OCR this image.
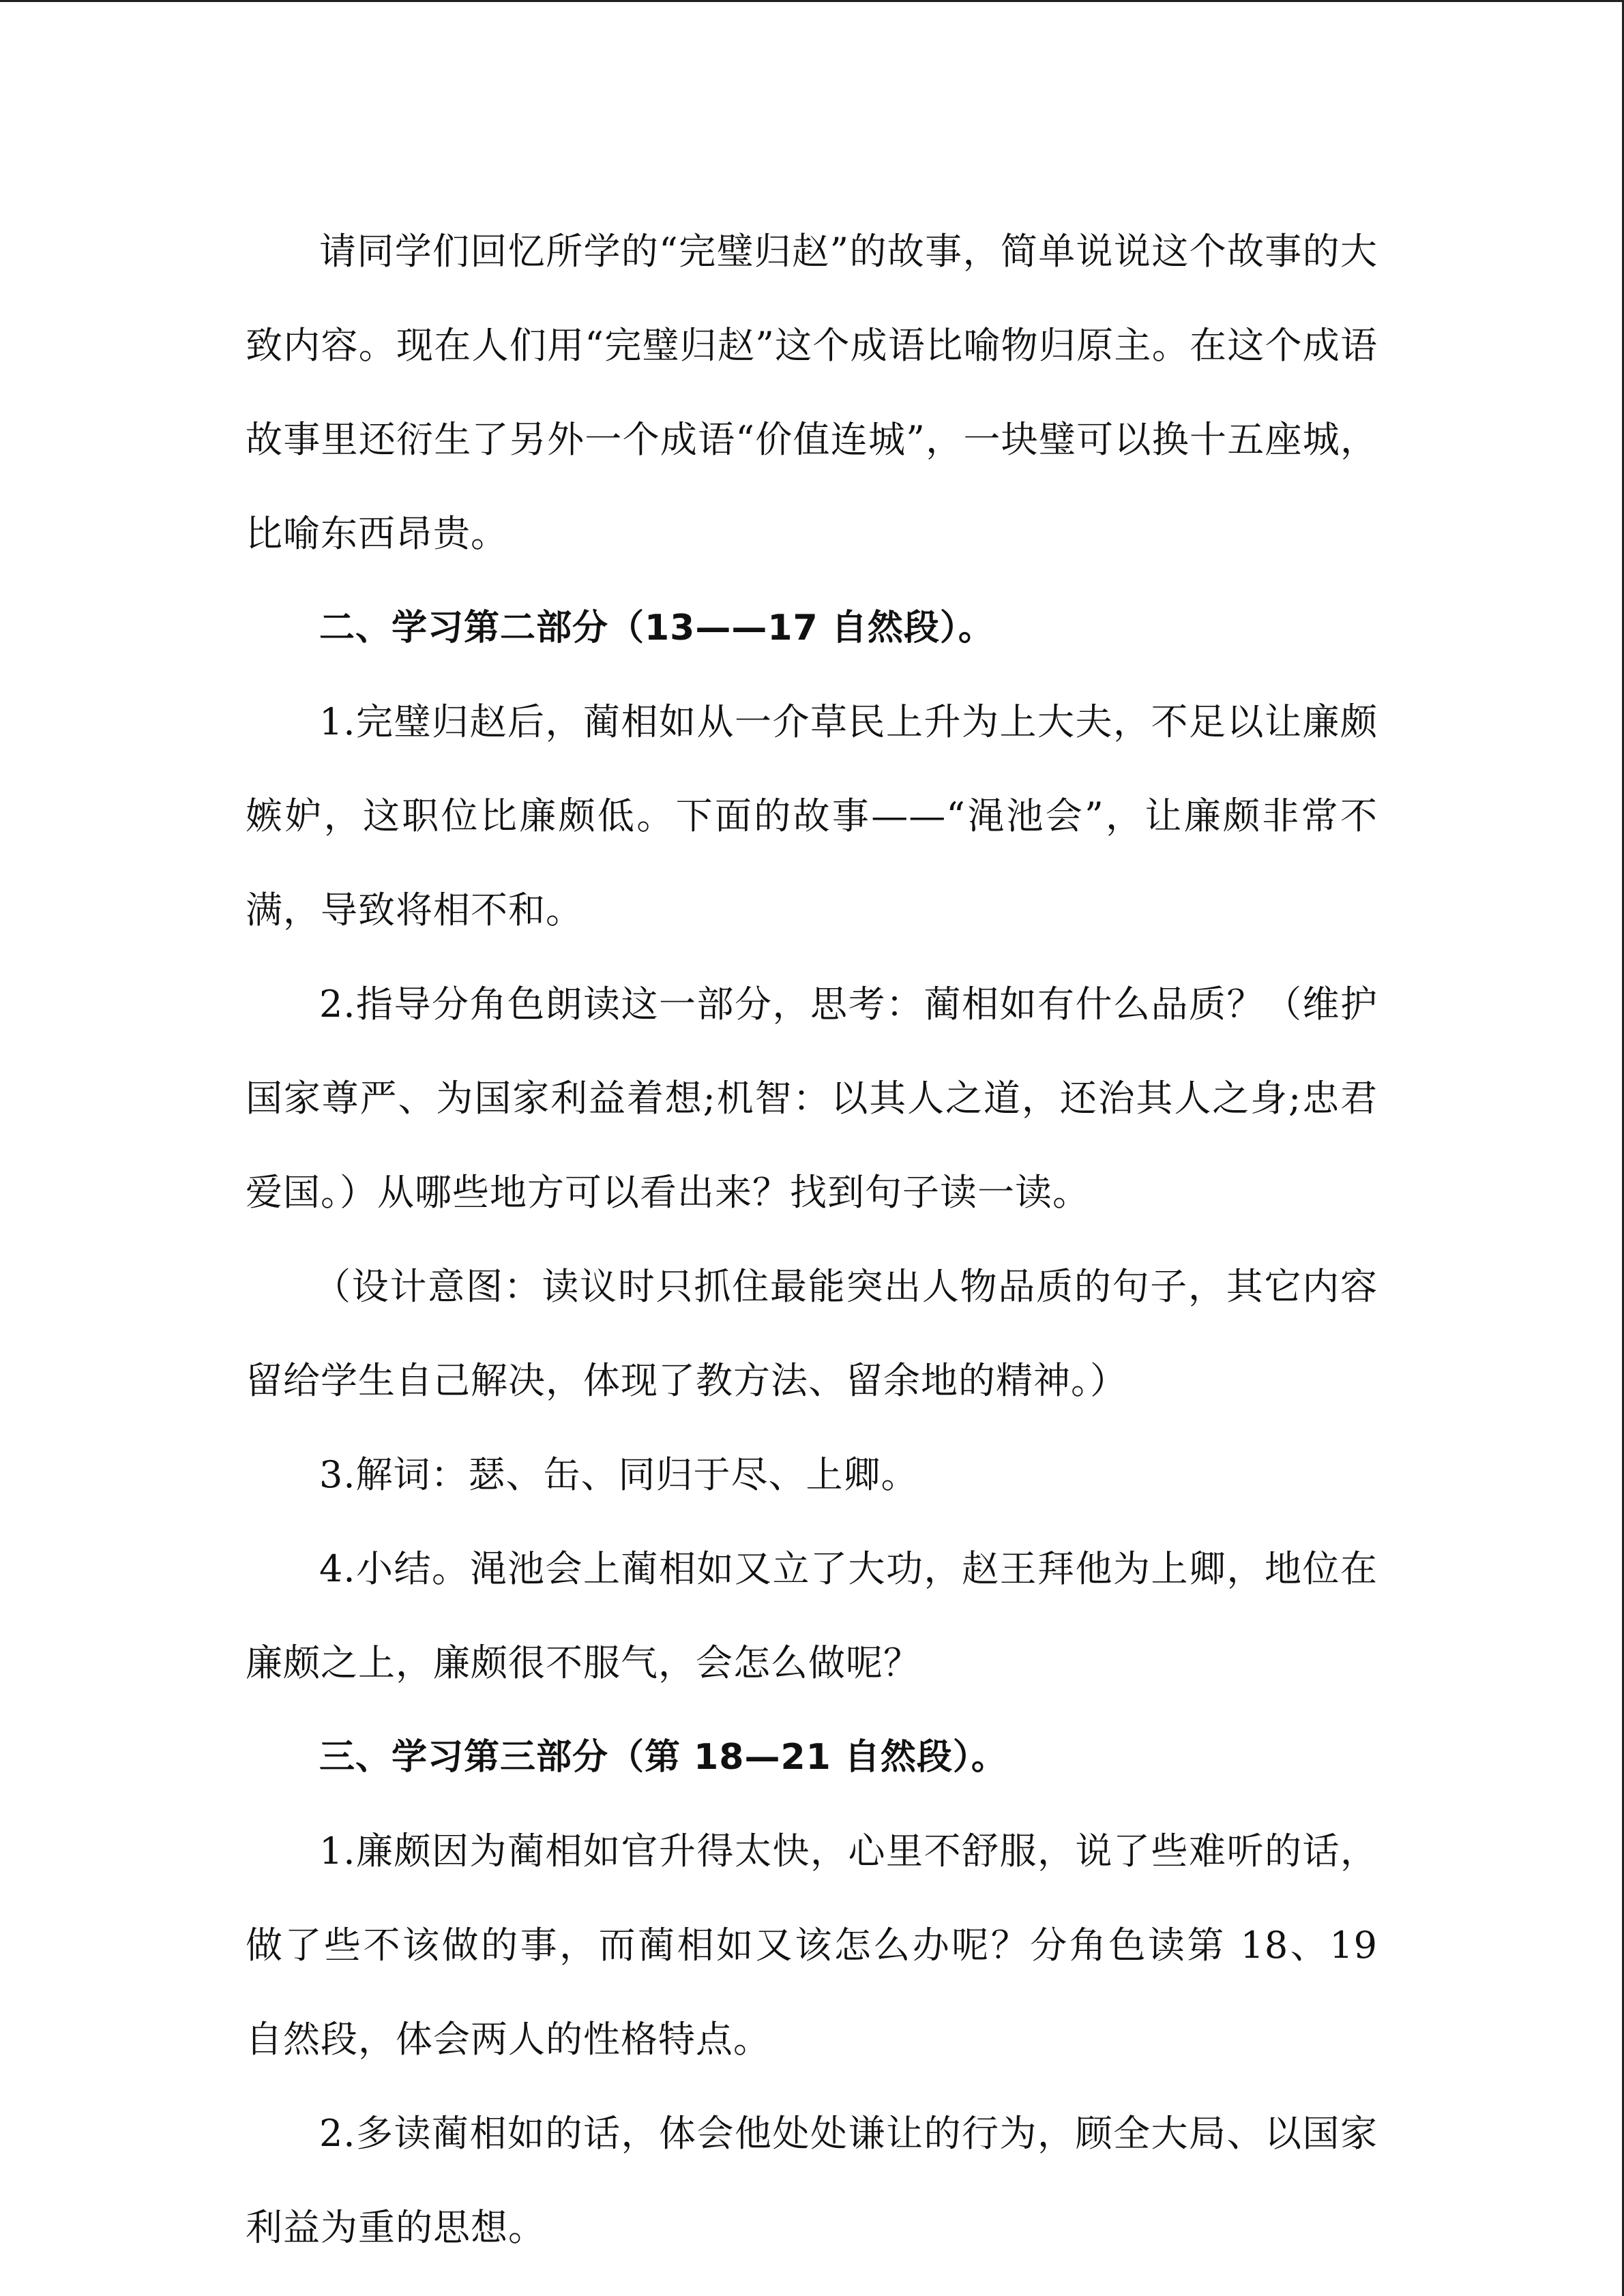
请同学们回忆所学的“完璧归赵”的故事，简单说说这个故事的大致内容。现在人们用“完璧归赵”这个成语比喻物归原主。在这个成语故事里还衍生了另外一个成语“价值连城”，一块璧可以换十五座城，比喻东西昂贵。

二、学习第二部分（13——17 自然段）。

1.完璧归赵后，蔺相如从一介草民上升为上大夫，不足以让廉颇嫉妒，这职位比廉颇低。下面的故事——“渑池会”，让廉颇非常不满，导致将相不和。

2.指导分角色朗读这一部分，思考：蔺相如有什么品质？（维护国家尊严、为国家利益着想;机智：以其人之道，还治其人之身;忠君爱国。）从哪些地方可以看出来？找到句子读一读。

（设计意图：读议时只抓住最能突出人物品质的句子，其它内容留给学生自己解决，体现了教方法、留余地的精神。）

3.解词：瑟、缶、同归于尽、上卿。

4.小结。渑池会上蔺相如又立了大功，赵王拜他为上卿，地位在廉颇之上，廉颇很不服气，会怎么做呢？

三、学习第三部分（第 18—21 自然段）。

1.廉颇因为蔺相如官升得太快，心里不舒服，说了些难听的话，做了些不该做的事，而蔺相如又该怎么办呢？分角色读第 18、19 自然段，体会两人的性格特点。

2.多读蔺相如的话，体会他处处谦让的行为，顾全大局、以国家利益为重的思想。
